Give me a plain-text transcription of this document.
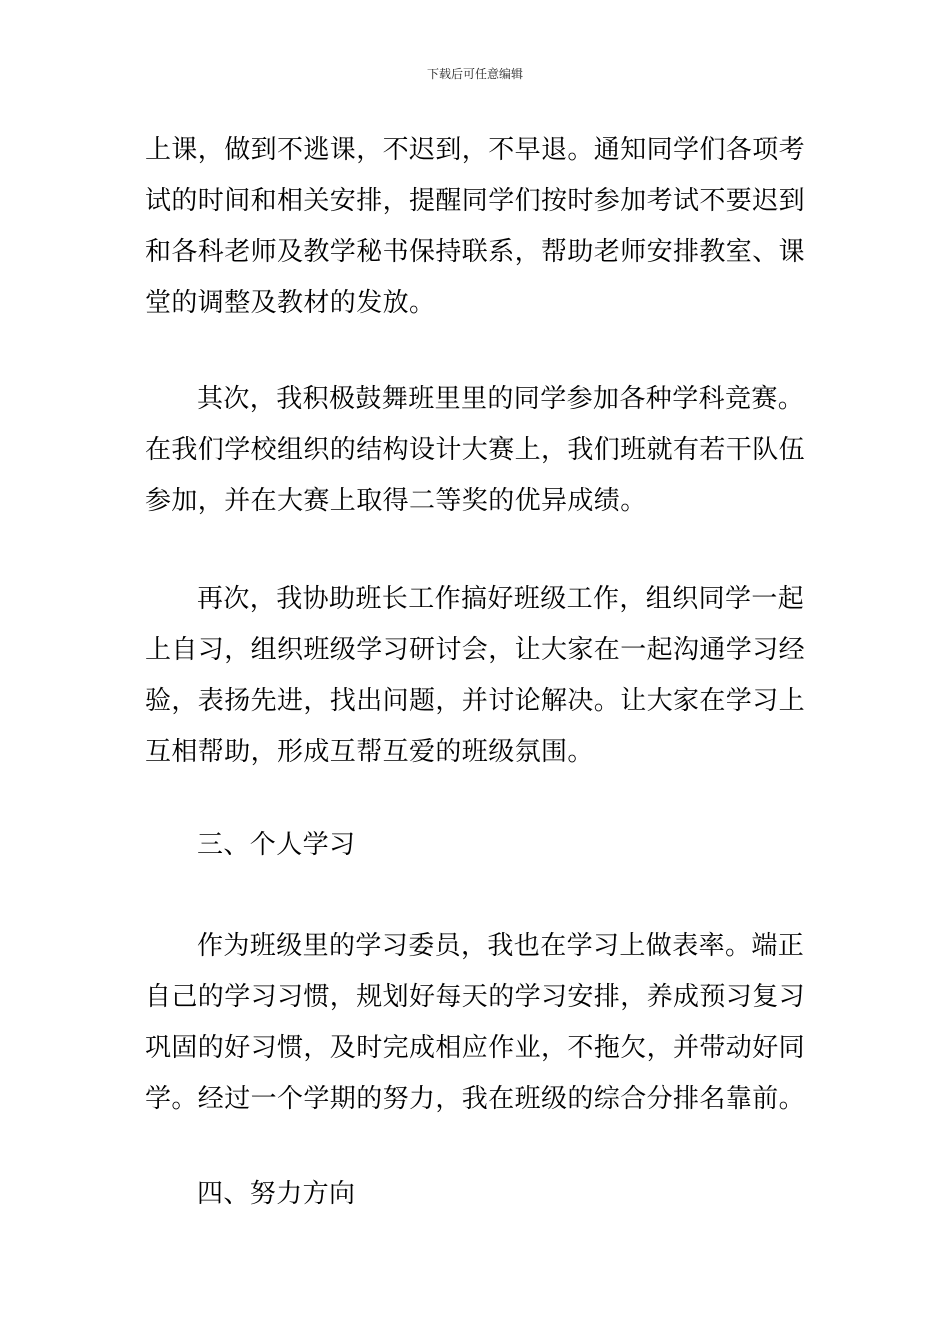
下载后可任意编辑
上课，做到不逃课，不迟到，不早退。通知同学们各项考
试的时间和相关安排，提醒同学们按时参加考试不要迟到
和各科老师及教学秘书保持联系，帮助老师安排教室、课
堂的调整及教材的发放。
其次，我积极鼓舞班里里的同学参加各种学科竞赛。
在我们学校组织的结构设计大赛上，我们班就有若干队伍
参加，并在大赛上取得二等奖的优异成绩。
再次，我协助班长工作搞好班级工作，组织同学一起
上自习，组织班级学习研讨会，让大家在一起沟通学习经
验，表扬先进，找出问题，并讨论解决。让大家在学习上
互相帮助，形成互帮互爱的班级氛围。
三、个人学习
作为班级里的学习委员，我也在学习上做表率。端正
自己的学习习惯，规划好每天的学习安排，养成预习复习
巩固的好习惯，及时完成相应作业，不拖欠，并带动好同
学。经过一个学期的努力，我在班级的综合分排名靠前。
四、努力方向
